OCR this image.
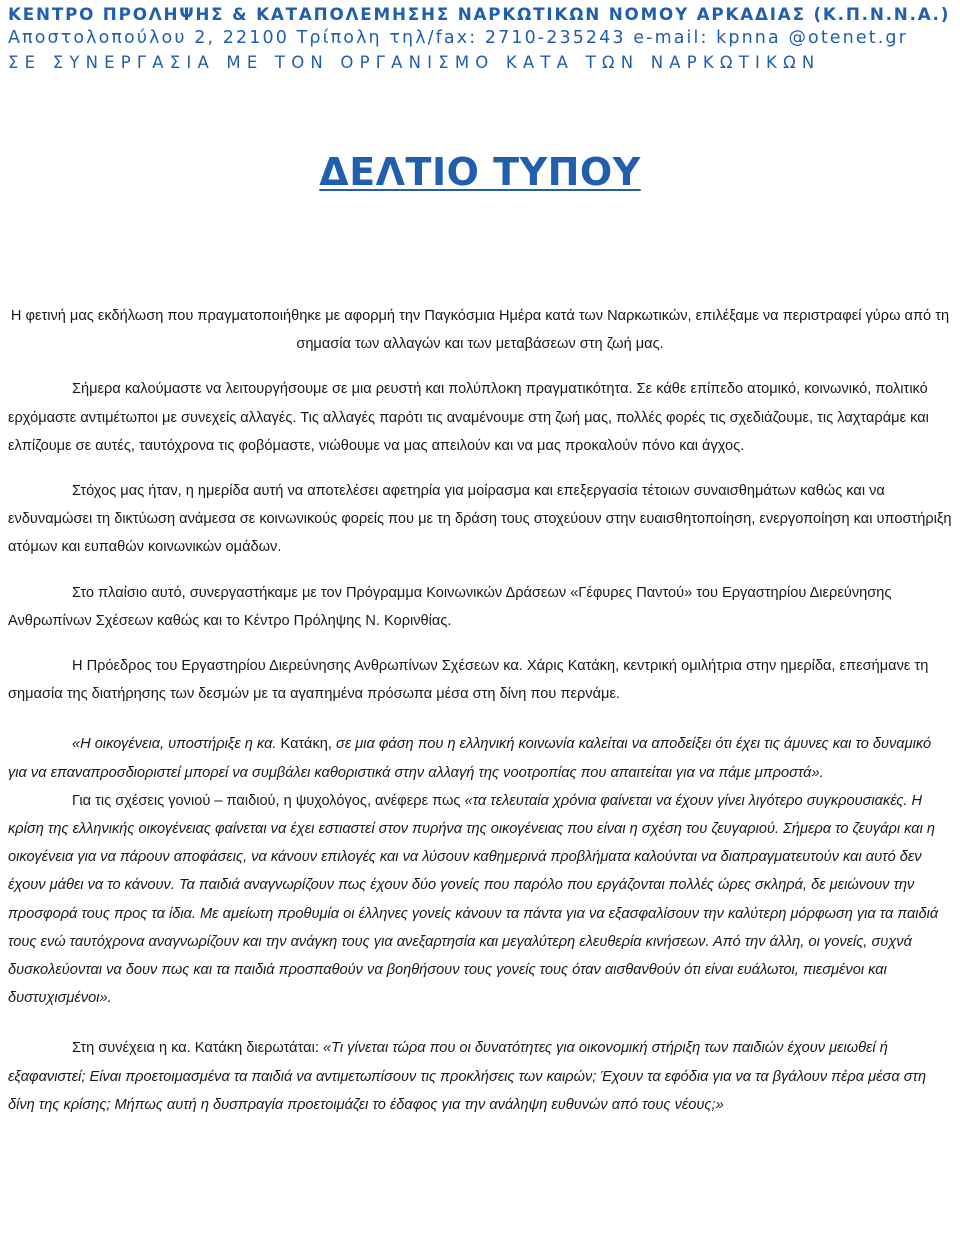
ΚΕΝΤΡΟ ΠΡΟΛΗΨΗΣ & ΚΑΤΑΠΟΛΕΜΗΣΗΣ ΝΑΡΚΩΤΙΚΩΝ ΝΟΜΟΥ ΑΡΚΑΔΙΑΣ (Κ.Π.Ν.Ν.Α.)
Αποστολοπούλου 2, 22100 Τρίπολη τηλ/fax: 2710-235243 e-mail: kpnna @otenet.gr
ΣΕ ΣΥΝΕΡΓΑΣΙΑ ΜΕ ΤΟΝ ΟΡΓΑΝΙΣΜΟ ΚΑΤΑ ΤΩΝ ΝΑΡΚΩΤΙΚΩΝ
ΔΕΛΤΙΟ ΤΥΠΟΥ

Η φετινή μας εκδήλωση που πραγματοποιήθηκε με αφορμή την Παγκόσμια Ημέρα κατά των Ναρκωτικών, επιλέξαμε να περιστραφεί γύρω από τη σημασία των αλλαγών και των μεταβάσεων στη ζωή μας.

Σήμερα καλούμαστε να λειτουργήσουμε σε μια ρευστή και πολύπλοκη πραγματικότητα. Σε κάθε επίπεδο ατομικό, κοινωνικό, πολιτικό ερχόμαστε αντιμέτωποι με συνεχείς αλλαγές. Τις αλλαγές παρότι τις αναμένουμε στη ζωή μας, πολλές φορές τις σχεδιάζουμε, τις λαχταράμε και ελπίζουμε σε αυτές, ταυτόχρονα τις φοβόμαστε, νιώθουμε να μας απειλούν και να μας προκαλούν πόνο και άγχος.

Στόχος μας ήταν, η ημερίδα αυτή να αποτελέσει αφετηρία για μοίρασμα και επεξεργασία τέτοιων συναισθημάτων καθώς και να ενδυναμώσει τη δικτύωση ανάμεσα σε κοινωνικούς φορείς που με τη δράση τους στοχεύουν στην ευαισθητοποίηση, ενεργοποίηση και υποστήριξη ατόμων και ευπαθών κοινωνικών ομάδων.

Στο πλαίσιο αυτό, συνεργαστήκαμε με τον Πρόγραμμα Κοινωνικών Δράσεων «Γέφυρες Παντού» του Εργαστηρίου Διερεύνησης Ανθρωπίνων Σχέσεων καθώς και το Κέντρο Πρόληψης Ν. Κορινθίας.

Η Πρόεδρος του Εργαστηρίου Διερεύνησης Ανθρωπίνων Σχέσεων κα. Χάρις Κατάκη, κεντρική ομιλήτρια στην ημερίδα, επεσήμανε τη σημασία της διατήρησης των δεσμών με τα αγαπημένα πρόσωπα μέσα στη δίνη που περνάμε.

«Η οικογένεια, υποστήριξε η κα. Κατάκη, σε μια φάση που η ελληνική κοινωνία καλείται να αποδείξει ότι έχει τις άμυνες και το δυναμικό για να επαναπροσδιοριστεί μπορεί να συμβάλει καθοριστικά στην αλλαγή της νοοτροπίας που απαιτείται για να πάμε μπροστά».

Για τις σχέσεις γονιού – παιδιού, η ψυχολόγος, ανέφερε πως «τα τελευταία χρόνια φαίνεται να έχουν γίνει λιγότερο συγκρουσιακές. Η κρίση της ελληνικής οικογένειας φαίνεται να έχει εστιαστεί στον πυρήνα της οικογένειας που είναι η σχέση του ζευγαριού. Σήμερα το ζευγάρι και η οικογένεια για να πάρουν αποφάσεις, να κάνουν επιλογές και να λύσουν καθημερινά προβλήματα καλούνται να διαπραγματευτούν και αυτό δεν έχουν μάθει να το κάνουν. Τα παιδιά αναγνωρίζουν πως έχουν δύο γονείς που παρόλο που εργάζονται πολλές ώρες σκληρά, δε μειώνουν την προσφορά τους προς τα ίδια. Με αμείωτη προθυμία οι έλληνες γονείς κάνουν τα πάντα για να εξασφαλίσουν την καλύτερη μόρφωση για τα παιδιά τους ενώ ταυτόχρονα αναγνωρίζουν και την ανάγκη τους για ανεξαρτησία και μεγαλύτερη ελευθερία κινήσεων. Από την άλλη, οι γονείς, συχνά δυσκολεύονται να δουν πως και τα παιδιά προσπαθούν να βοηθήσουν τους γονείς τους όταν αισθανθούν ότι είναι ευάλωτοι, πιεσμένοι και δυστυχισμένοι».

Στη συνέχεια η κα. Κατάκη διερωτάται: «Τι γίνεται τώρα που οι δυνατότητες για οικονομική στήριξη των παιδιών έχουν μειωθεί ή εξαφανιστεί; Είναι προετοιμασμένα τα παιδιά να αντιμετωπίσουν τις προκλήσεις των καιρών; Έχουν τα εφόδια για να τα βγάλουν πέρα μέσα στη δίνη της κρίσης; Μήπως αυτή η δυσπραγία προετοιμάζει το έδαφος για την ανάληψη ευθυνών από τους νέους;»
